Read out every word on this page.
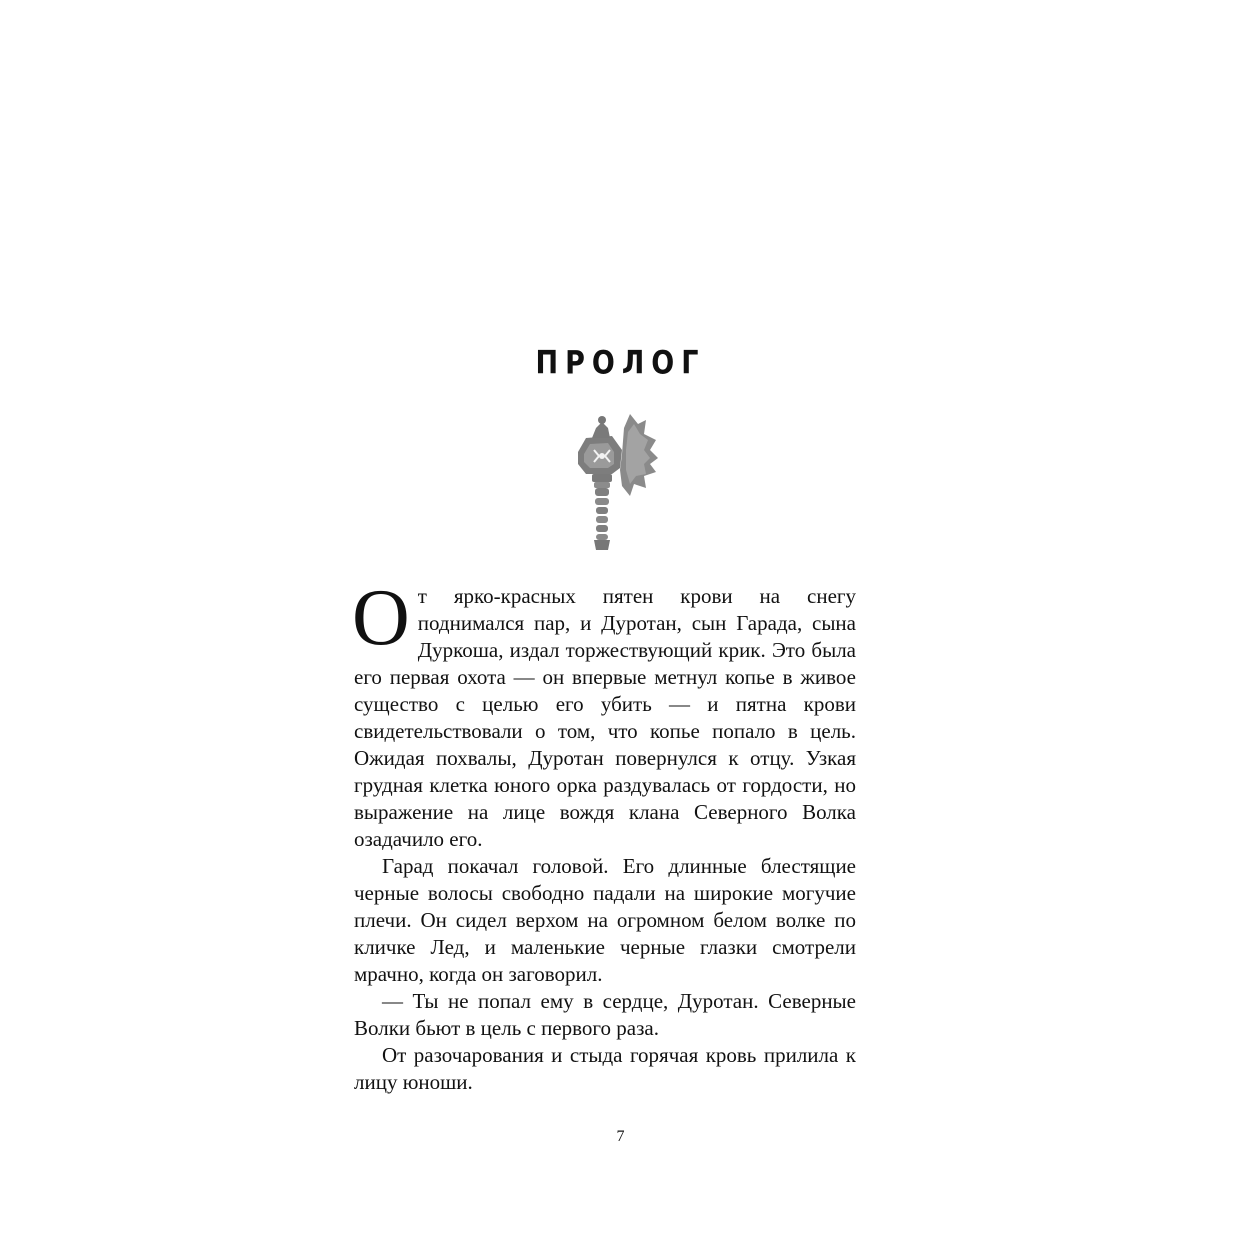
ПРОЛОГ

От ярко-красных пятен крови на снегу поднимался пар, и Дуротан, сын Гарада, сына Дуркоша, издал торжествующий крик. Это была его первая охота — он впервые метнул копье в живое существо с целью его убить — и пятна крови свидетельствовали о том, что копье попало в цель. Ожидая похвалы, Дуротан повернулся к отцу. Узкая грудная клетка юного орка раздувалась от гордости, но выражение на лице вождя клана Северного Волка озадачило его.

Гарад покачал головой. Его длинные блестящие черные волосы свободно падали на широкие могучие плечи. Он сидел верхом на огромном белом волке по кличке Лед, и маленькие черные глазки смотрели мрачно, когда он заговорил.

— Ты не попал ему в сердце, Дуротан. Северные Волки бьют в цель с первого раза.

От разочарования и стыда горячая кровь прилила к лицу юноши.

7
